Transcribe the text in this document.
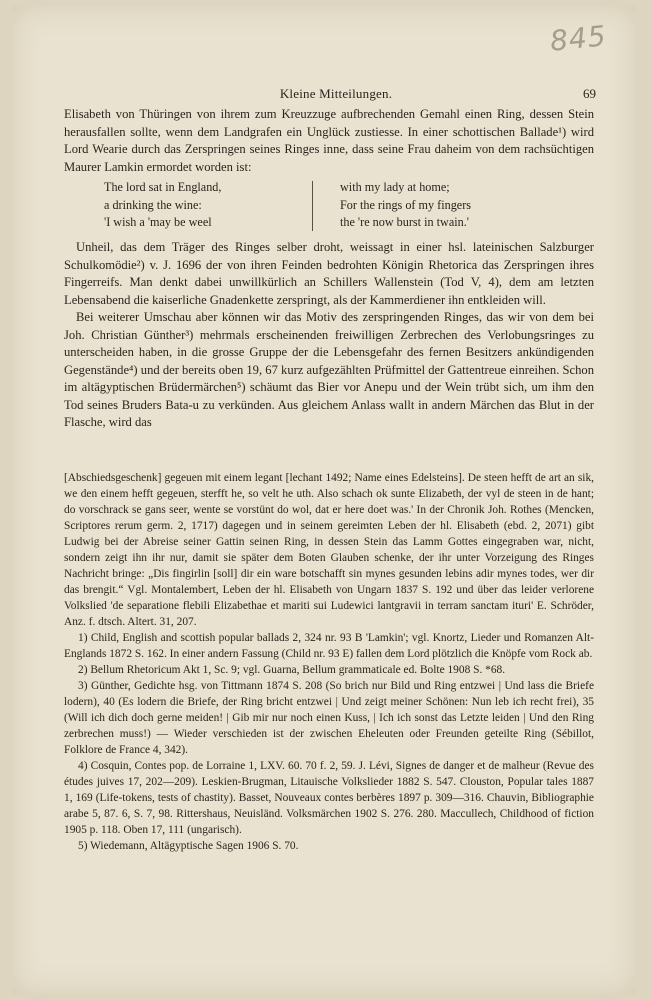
845
Kleine Mitteilungen.	69

Elisabeth von Thüringen von ihrem zum Kreuzzuge aufbrechenden Gemahl einen Ring, dessen Stein herausfallen sollte, wenn dem Landgrafen ein Unglück zustiesse. In einer schottischen Ballade¹) wird Lord Wearie durch das Zerspringen seines Ringes inne, dass seine Frau daheim von dem rachsüchtigen Maurer Lamkin ermordet worden ist:

The lord sat in England,
a drinking the wine:
'I wish a 'may be weel
with my lady at home;
For the rings of my fingers
the 're now burst in twain.'

Unheil, das dem Träger des Ringes selber droht, weissagt in einer hsl. lateinischen Salzburger Schulkomödie²) v. J. 1696 der von ihren Feinden bedrohten Königin Rhetorica das Zerspringen ihres Fingerreifs. Man denkt dabei unwillkürlich an Schillers Wallenstein (Tod V, 4), dem am letzten Lebensabend die kaiserliche Gnadenkette zerspringt, als der Kammerdiener ihn entkleiden will.

Bei weiterer Umschau aber können wir das Motiv des zerspringenden Ringes, das wir von dem bei Joh. Christian Günther³) mehrmals erscheinenden freiwilligen Zerbrechen des Verlobungsringes zu unterscheiden haben, in die grosse Gruppe der die Lebensgefahr des fernen Besitzers ankündigenden Gegenstände⁴) und der bereits oben 19, 67 kurz aufgezählten Prüfmittel der Gattentreue einreihen. Schon im altägyptischen Brüdermärchen⁵) schäumt das Bier vor Anepu und der Wein trübt sich, um ihm den Tod seines Bruders Bata-u zu verkünden. Aus gleichem Anlass wallt in andern Märchen das Blut in der Flasche, wird das

[Abschiedsgeschenk] gegeuen mit einem legant [lechant 1492; Name eines Edelsteins]. De steen hefft de art an sik, we den einem hefft gegeuen, sterfft he, so velt he uth. Also schach ok sunte Elizabeth, der vyl de steen in de hant; do vorschrack se gans seer, wente se vorstünt do wol, dat er here doet was.' In der Chronik Joh. Rothes (Mencken, Scriptores rerum germ. 2, 1717) dagegen und in seinem gereimten Leben der hl. Elisabeth (ebd. 2, 2071) gibt Ludwig bei der Abreise seiner Gattin seinen Ring, in dessen Stein das Lamm Gottes eingegraben war, nicht, sondern zeigt ihn ihr nur, damit sie später dem Boten Glauben schenke, der ihr unter Vorzeigung des Ringes Nachricht bringe: „Dis fingirlin [soll] dir ein ware botschafft sin mynes gesunden lebins adir mynes todes, wer dir das brengit.“ Vgl. Montalembert, Leben der hl. Elisabeth von Ungarn 1837 S. 192 und über das leider verlorene Volkslied 'de separatione flebili Elizabethae et mariti sui Ludewici lantgravii in terram sanctam ituri' E. Schröder, Anz. f. dtsch. Altert. 31, 207.

1) Child, English and scottish popular ballads 2, 324 nr. 93 B 'Lamkin'; vgl. Knortz, Lieder und Romanzen Alt-Englands 1872 S. 162. In einer andern Fassung (Child nr. 93 E) fallen dem Lord plötzlich die Knöpfe vom Rock ab.

2) Bellum Rhetoricum Akt 1, Sc. 9; vgl. Guarna, Bellum grammaticale ed. Bolte 1908 S. *68.

3) Günther, Gedichte hsg. von Tittmann 1874 S. 208 (So brich nur Bild und Ring entzwei | Und lass die Briefe lodern), 40 (Es lodern die Briefe, der Ring bricht entzwei | Und zeigt meiner Schönen: Nun leb ich recht frei), 35 (Will ich dich doch gerne meiden! | Gib mir nur noch einen Kuss, | Ich ich sonst das Letzte leiden | Und den Ring zerbrechen muss!) — Wieder verschieden ist der zwischen Eheleuten oder Freunden geteilte Ring (Sébillot, Folklore de France 4, 342).

4) Cosquin, Contes pop. de Lorraine 1, LXV. 60. 70 f. 2, 59. J. Lévi, Signes de danger et de malheur (Revue des études juives 17, 202—209). Leskien-Brugman, Litauische Volkslieder 1882 S. 547. Clouston, Popular tales 1887 1, 169 (Life-tokens, tests of chastity). Basset, Nouveaux contes berbères 1897 p. 309—316. Chauvin, Bibliographie arabe 5, 87. 6, S. 7, 98. Rittershaus, Neuisländ. Volksmärchen 1902 S. 276. 280. Maccullech, Childhood of fiction 1905 p. 118. Oben 17, 111 (ungarisch).

5) Wiedemann, Altägyptische Sagen 1906 S. 70.
